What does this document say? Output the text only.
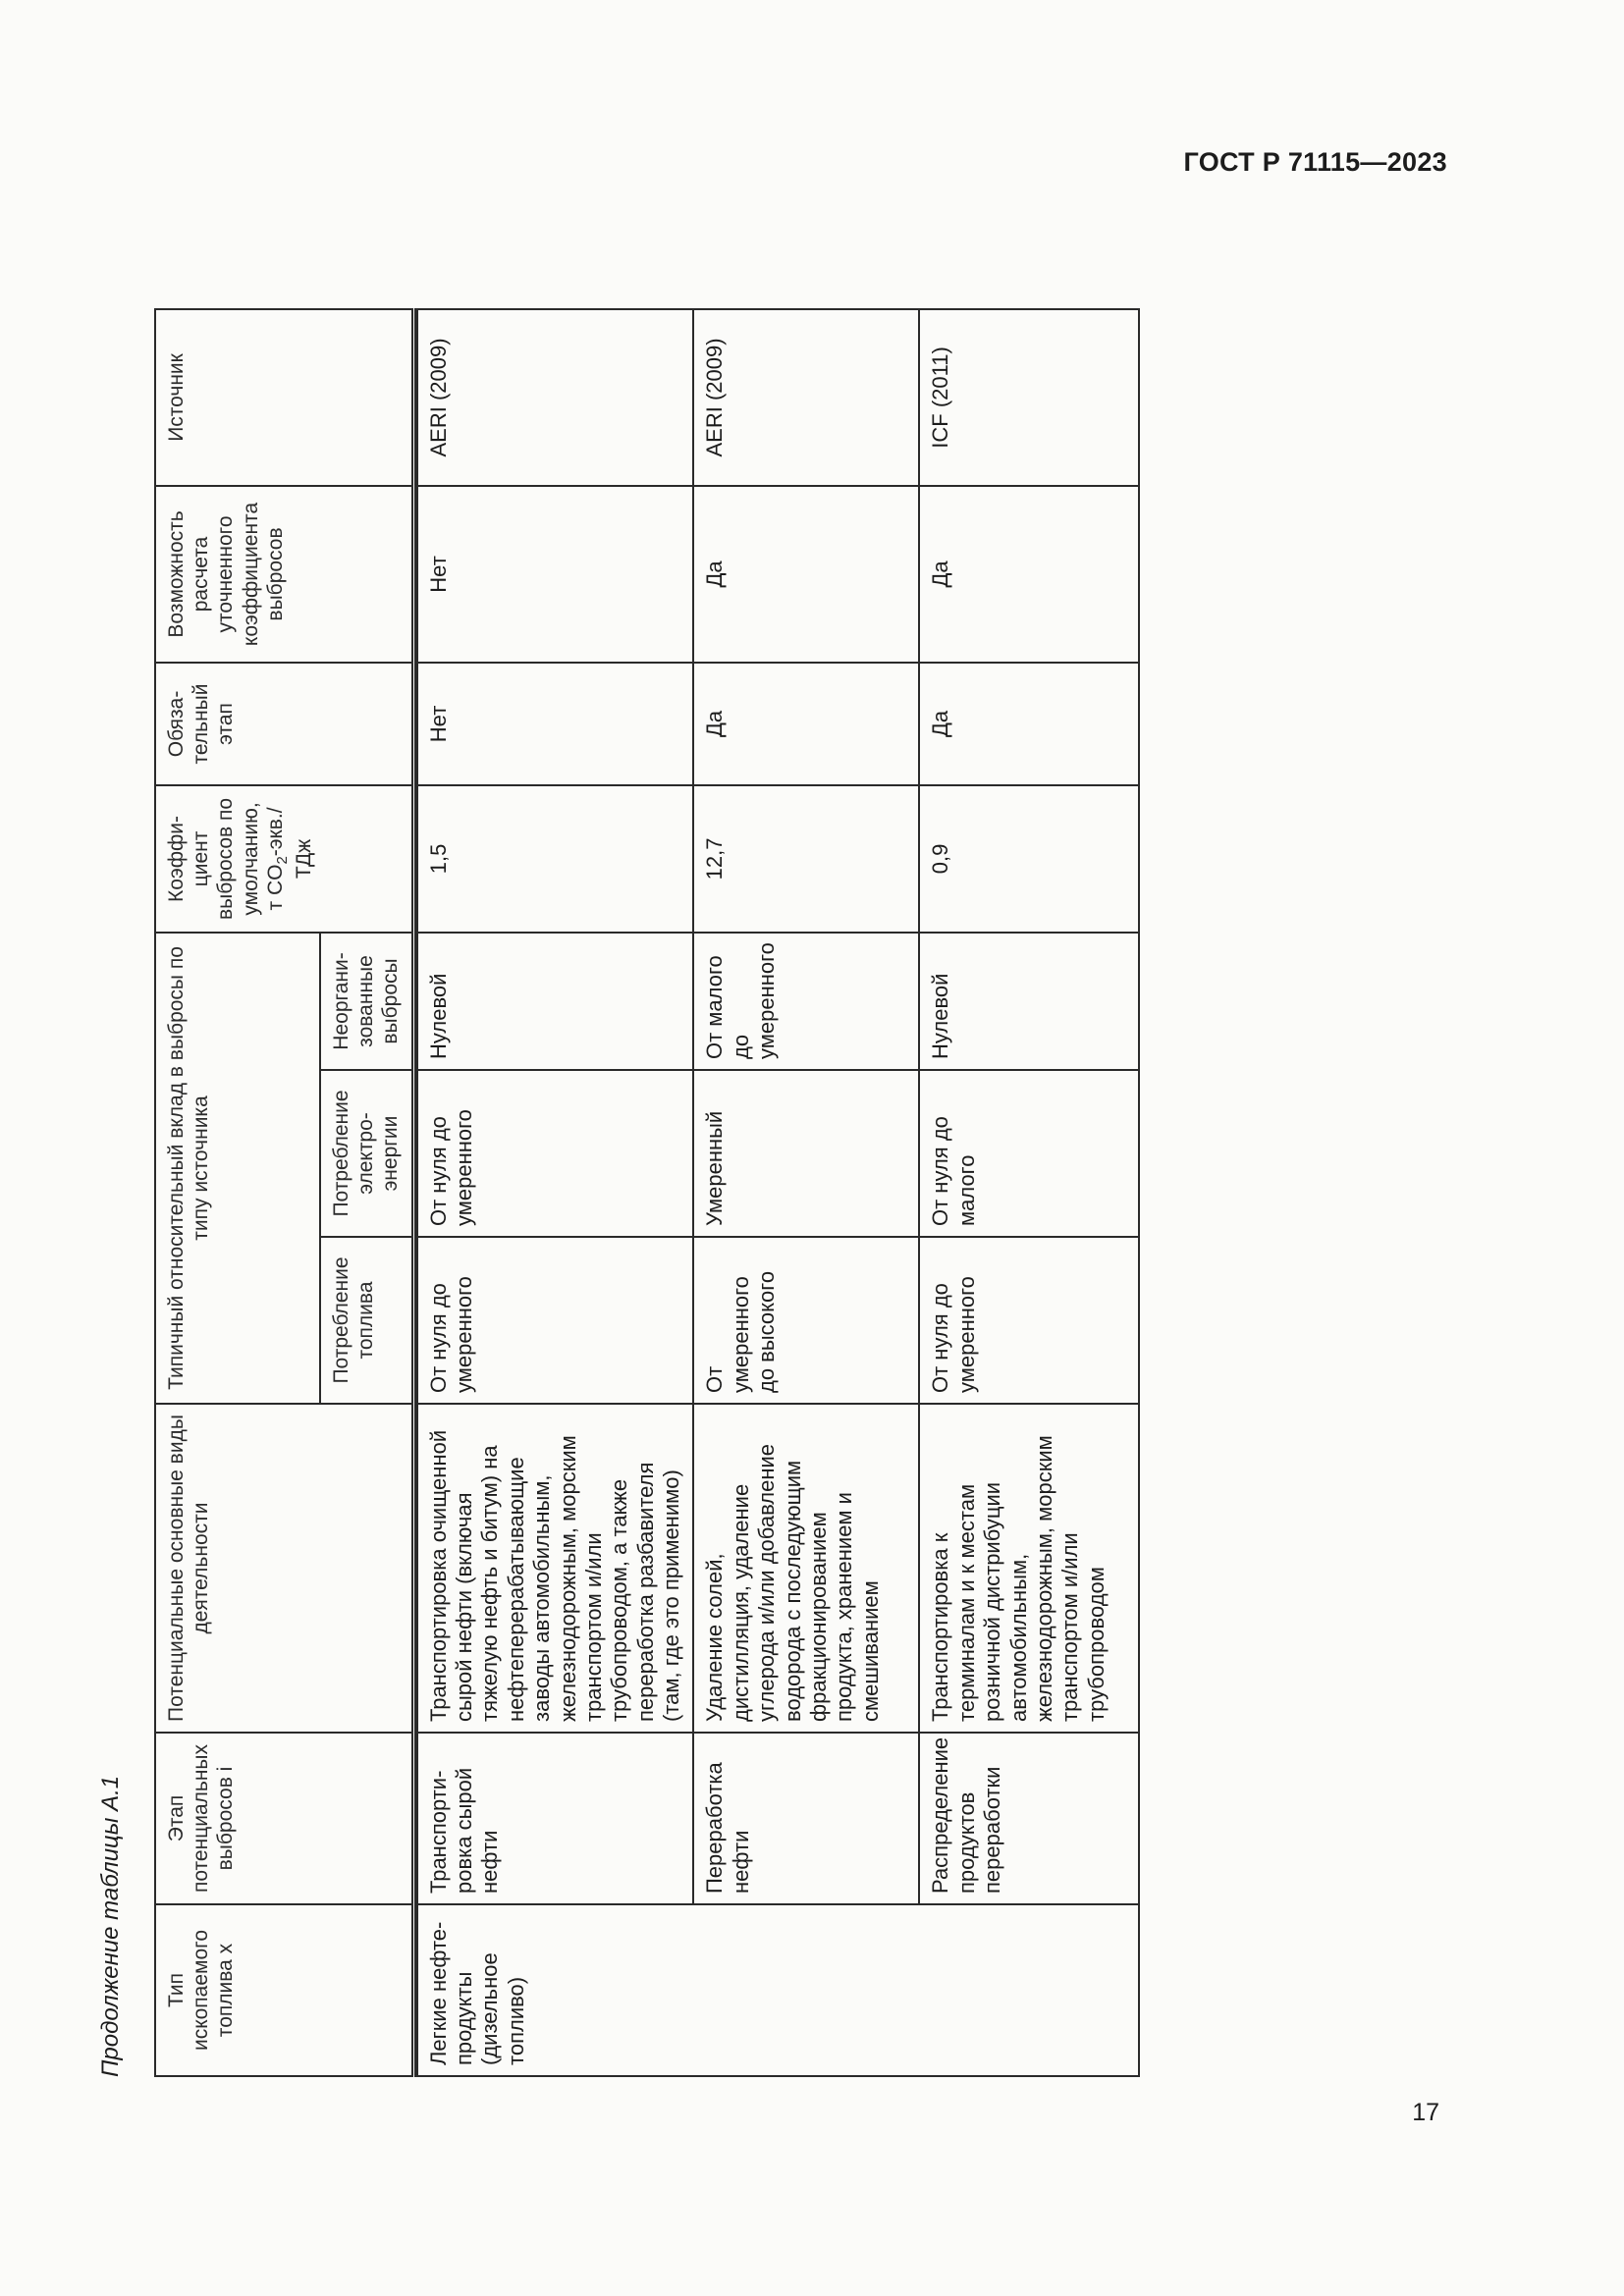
ГОСТ Р 71115—2023
Продолжение таблицы А.1 Тип ископаемого топлива x	Этап потенциальных выбросов i	Потенциальные основные виды деятельности	Типичный относительный вклад в выбросы по типу источника			Коэффи-циент выбросов по умолчанию, т $CO_2-экв$./ТДж	Обяза-тельный этап	Возможность расчета уточненного коэффициента выбросов	Источник
			Потребление топлива	Потребление электро-энергии	Неоргани-зованные выбросы				

Легкие нефте-продукты (дизельное топливо)	Транспорти-ровка сырой нефти	Транспортировка очищенной сырой нефти (включая тяжелую нефть и битум) на нефтеперерабатывающие заводы автомобильным, железнодорожным, морским транспортом и/или трубопроводом, а также переработка разбавителя (там, где это применимо)	От нуля до умеренного	От нуля до умеренного	Нулевой	1,5	Нет	Нет	AERI (2009)
	Переработка нефти	Удаление солей, дистилляция, удаление углерода и/или добавление водорода с последующим фракционированием продукта, хранением и смешиванием	От умеренного до высокого	Умеренный	От малого до умеренного	12,7	Да	Да	AERI (2009)
	Распределение продуктов переработки	Транспортировка к терминалам и к местам розничной дистрибуции автомобильным, железнодорожным, морским транспортом и/или трубопроводом	От нуля до умеренного	От нуля до малого	Нулевой	0,9	Да	Да	ICF (2011)
17
